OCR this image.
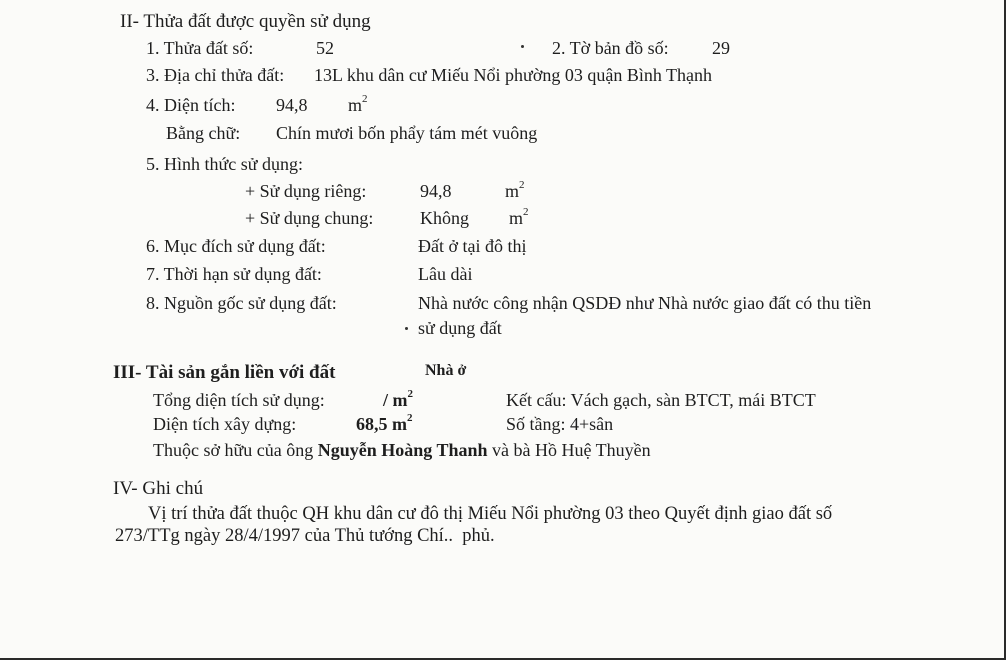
II- Thửa đất được quyền sử dụng
1. Thửa đất số:	52	2. Tờ bản đồ số: 29
3. Địa chỉ thửa đất: 13L khu dân cư Miếu Nổi phường 03 quận Bình Thạnh
4. Diện tích: 94,8 $m^2$
Bằng chữ: Chín mươi bốn phẩy tám mét vuông
5. Hình thức sử dụng:
+ Sử dụng riêng:	94,8	$m^2$
+ Sử dụng chung:	Không $m^2$
6. Mục đích sử dụng đất:	Đất ở tại đô thị
7. Thời hạn sử dụng đất:	Lâu dài
8. Nguồn gốc sử dụng đất:	Nhà nước công nhận QSDĐ như Nhà nước giao đất có thu tiền
sử dụng đất
III- Tài sản gắn liền với đất	Nhà ở
Tổng diện tích sử dụng:	/ $m^2$	Kết cấu: Vách gạch, sàn BTCT, mái BTCT
Diện tích xây dựng:	68,5 $m^2$	Số tầng: 4+sân
Thuộc sở hữu của ông Nguyễn Hoàng Thanh và bà Hồ Huệ Thuyền
IV- Ghi chú
Vị trí thửa đất thuộc QH khu dân cư đô thị Miếu Nổi phường 03 theo Quyết định giao đất số
273/TTg ngày 28/4/1997 của Thủ tướng Chí..  phủ.
